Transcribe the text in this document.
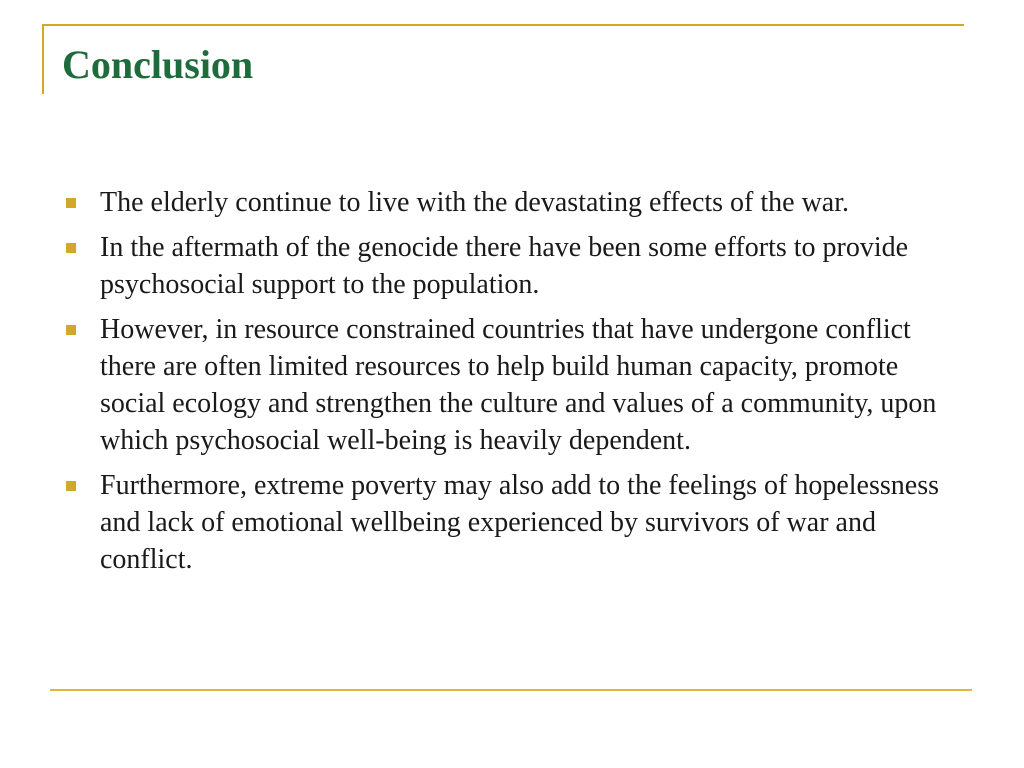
Conclusion
The elderly continue to live with the devastating effects of the war.
In the aftermath of the genocide there have been some efforts to provide psychosocial support to the population.
However, in resource constrained countries that have undergone conflict there are often limited resources to help build human capacity, promote social ecology and strengthen the culture and values of a community, upon which psychosocial well-being is heavily dependent.
Furthermore, extreme poverty may also add to the feelings of hopelessness and lack of emotional wellbeing experienced by survivors of war and conflict.
